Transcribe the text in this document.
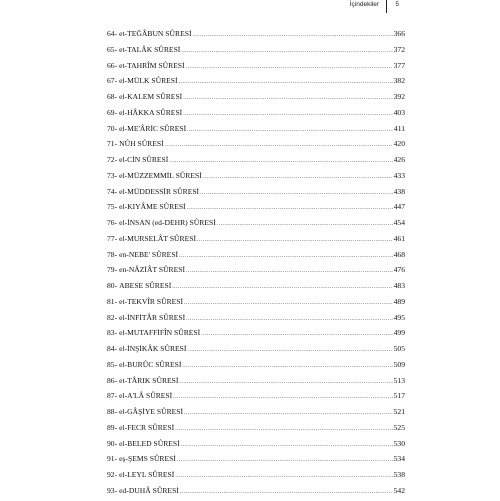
İçindekiler	5
64- et-TEĞÂBUN SÛRESİ .....	366
65- et-TALÂK SÛRESİ .....	372
66- et-TAHRÎM SÛRESİ .....	377
67- el-MÜLK SÛRESİ .....	382
68- el-KALEM SÛRESİ .....	392
69- el-HÂKKA SÛRESİ .....	403
70- el-ME'ÂRİC SÛRESİ .....	411
71- NÛH SÛRESİ .....	420
72- el-CİN SÛRESİ .....	426
73- el-MÜZZEMMİL SÛRESİ .....	433
74- el-MÜDDESSİR SÛRESİ .....	438
75- el-KIYÂME SÛRESİ .....	447
76- el-İNSAN (ed-DEHR) SÛRESİ .....	454
77- el-MURSELÂT SÛRESİ .....	461
78- en-NEBE' SÛRESİ .....	468
79- en-NÂZİÂT SÛRESİ .....	476
80- ABESE SÛRESİ .....	483
81- et-TEKVÎR SÛRESİ .....	489
82- el-İNFİTÂR SÛRESİ .....	495
83- el-MUTAFFİFÎN SÛRESİ .....	499
84- el-İNŞİKÂK SÛRESİ .....	505
85- el-BURÛC SÛRESİ .....	509
86- et-TÂRIK SÛRESİ .....	513
87- el-A'LÂ SÛRESİ .....	517
88- el-GÂŞİYE SÛRESİ .....	521
89- el-FECR SÛRESİ .....	525
90- el-BELED SÛRESİ .....	530
91- eş-ŞEMS SÛRESİ .....	534
92- el-LEYL SÛRESİ .....	538
93- ed-DUHÂ SÛRESİ .....	542
